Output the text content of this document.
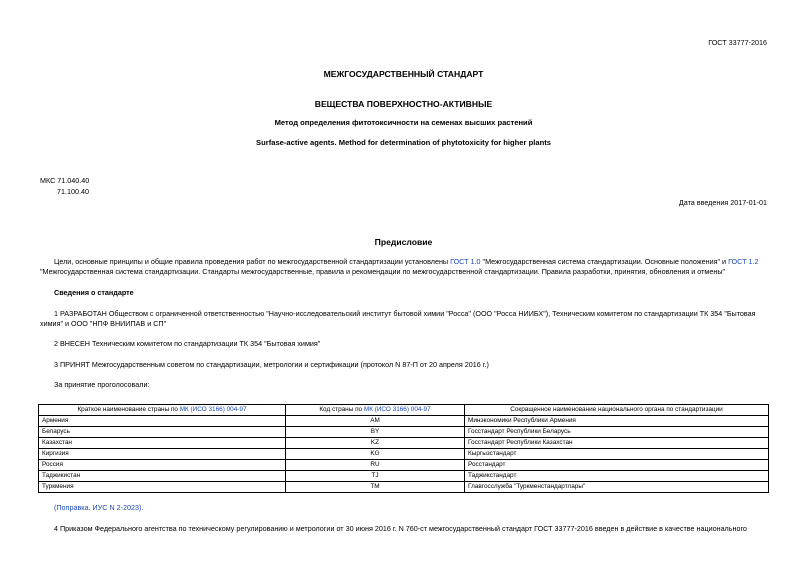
ГОСТ 33777-2016
МЕЖГОСУДАРСТВЕННЫЙ СТАНДАРТ
ВЕЩЕСТВА ПОВЕРХНОСТНО-АКТИВНЫЕ
Метод определения фитотоксичности на семенах высших растений
Surfase-active agents. Method for determination of phytotoxicity for higher plants
МКС 71.040.40
71.100.40
Дата введения 2017-01-01
Предисловие
Цели, основные принципы и общие правила проведения работ по межгосударственной стандартизации установлены ГОСТ 1.0 "Межгосударственная система стандартизации. Основные положения" и ГОСТ 1.2 "Межгосударственная система стандартизации. Стандарты межгосударственные, правила и рекомендации по межгосударственной стандартизации. Правила разработки, принятия, обновления и отмены"
Сведения о стандарте
1 РАЗРАБОТАН Обществом с ограниченной ответственностью "Научно-исследовательский институт бытовой химии "Росса" (ООО "Росса НИИБХ"), Техническим комитетом по стандартизации ТК 354 "Бытовая химия" и ООО "НПФ ВНИИПАВ и СП"
2 ВНЕСЕН Техническим комитетом по стандартизации ТК 354 "Бытовая химия"
3 ПРИНЯТ Межгосударственным советом по стандартизации, метрологии и сертификации (протокол N 87-П от 20 апреля 2016 г.)
За принятие проголосовали:
Краткое наименование страны по МК (ИСО 3166) 004-97	Код страны по МК (ИСО 3166) 004-97	Сокращенное наименование национального органа по стандартизации
Армения	AM	Минэкономики Республики Армения
Беларусь	BY	Госстандарт Республики Беларусь
Казахстан	KZ	Госстандарт Республики Казахстан
Киргизия	KG	Кыргызстандарт
Россия	RU	Росстандарт
Таджикистан	TJ	Таджикстандарт
Туркмения	TM	Главгосслужба "Туркменстандартлары"
(Поправка. ИУС N 2-2023).
4 Приказом Федерального агентства по техническому регулированию и метрологии от 30 июня 2016 г. N 760-ст межгосударственный стандарт ГОСТ 33777-2016 введен в действие в качестве национального
